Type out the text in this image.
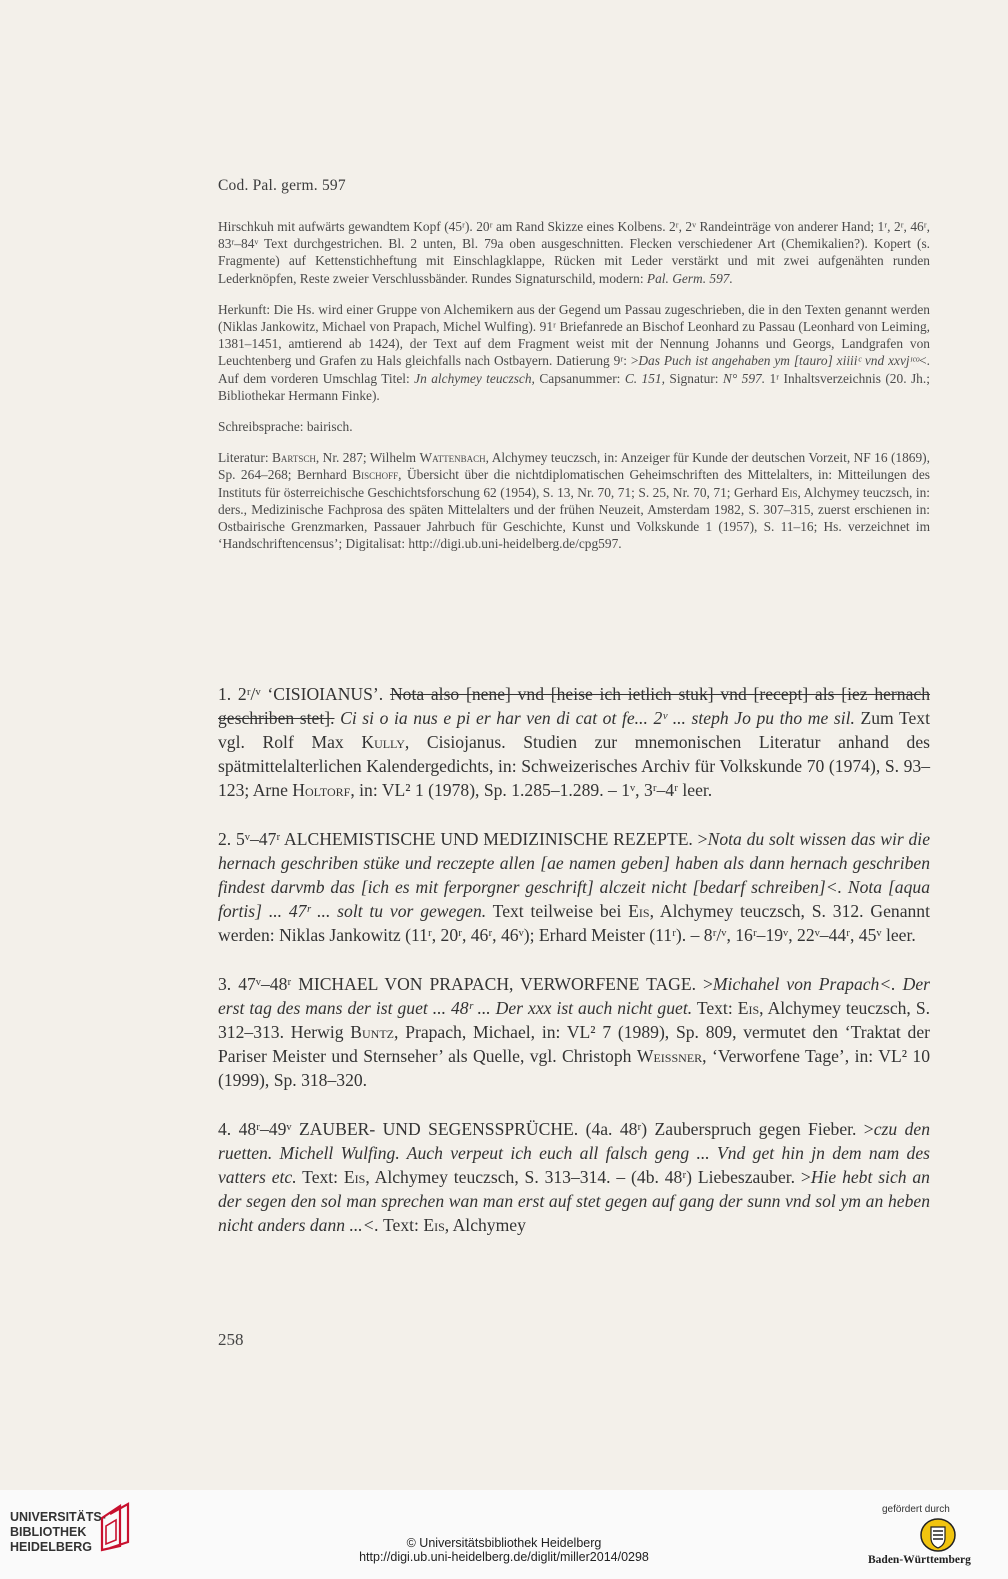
Cod. Pal. germ. 597

Hirschkuh mit aufwärts gewandtem Kopf (45ʳ). 20ʳ am Rand Skizze eines Kolbens. 2ʳ, 2ᵛ Randeinträge von anderer Hand; 1ʳ, 2ʳ, 46ʳ, 83ʳ–84ᵛ Text durchgestrichen. Bl. 2 unten, Bl. 79a oben ausgeschnitten. Flecken verschiedener Art (Chemikalien?). Kopert (s. Fragmente) auf Kettenstichheftung mit Einschlagklappe, Rücken mit Leder verstärkt und mit zwei aufgenähten runden Lederknöpfen, Reste zweier Verschlussbänder. Rundes Signaturschild, modern: Pal. Germ. 597.

Herkunft: Die Hs. wird einer Gruppe von Alchemikern aus der Gegend um Passau zugeschrieben, die in den Texten genannt werden (Niklas Jankowitz, Michael von Prapach, Michel Wulfing). 91ʳ Briefanrede an Bischof Leonhard zu Passau (Leonhard von Leiming, 1381–1451, amtierend ab 1424), der Text auf dem Fragment weist mit der Nennung Johanns und Georgs, Landgrafen von Leuchtenberg und Grafen zu Hals gleichfalls nach Ostbayern. Datierung 9ʳ: >Das Puch ist angehaben ym [tauro] xiiiiᶜ vnd xxvjᶦᶜᵒ<. Auf dem vorderen Umschlag Titel: Jn alchymey teuczsch, Capsanummer: C. 151, Signatur: N° 597. 1ʳ Inhaltsverzeichnis (20. Jh.; Bibliothekar Hermann Finke).

Schreibsprache: bairisch.

Literatur: Bartsch, Nr. 287; Wilhelm Wattenbach, Alchymey teuczsch, in: Anzeiger für Kunde der deutschen Vorzeit, NF 16 (1869), Sp. 264–268; Bernhard Bischoff, Übersicht über die nichtdiplomatischen Geheimschriften des Mittelalters, in: Mitteilungen des Instituts für österreichische Geschichtsforschung 62 (1954), S. 13, Nr. 70, 71; S. 25, Nr. 70, 71; Gerhard Eis, Alchymey teuczsch, in: ders., Medizinische Fachprosa des späten Mittelalters und der frühen Neuzeit, Amsterdam 1982, S. 307–315, zuerst erschienen in: Ostbairische Grenzmarken, Passauer Jahrbuch für Geschichte, Kunst und Volkskunde 1 (1957), S. 11–16; Hs. verzeichnet im ‘Handschriftencensus’; Digitalisat: http://digi.ub.uni-heidelberg.de/cpg597.

1. 2ʳ/ᵛ ‘CISIOIANUS’. Nota also [nene] vnd [heise ich ietlich stuk] vnd [recept] als [iez hernach geschriben stet]. Ci si o ia nus e pi er har ven di cat ot fe... 2ᵛ ... steph Jo pu tho me sil. Zum Text vgl. Rolf Max Kully, Cisiojanus. Studien zur mnemonischen Literatur anhand des spätmittelalterlichen Kalendergedichts, in: Schweizerisches Archiv für Volkskunde 70 (1974), S. 93–123; Arne Holtorf, in: VL² 1 (1978), Sp. 1.285–1.289. – 1ᵛ, 3ʳ–4ʳ leer.

2. 5ᵛ–47ʳ ALCHEMISTISCHE UND MEDIZINISCHE REZEPTE. >Nota du solt wissen das wir die hernach geschriben stüke und reczepte allen [ae namen geben] haben als dann hernach geschriben findest darvmb das [ich es mit ferporgner geschrift] alczeit nicht [bedarf schreiben]<. Nota [aqua fortis] ... 47ʳ ... solt tu vor gewegen. Text teilweise bei Eis, Alchymey teuczsch, S. 312. Genannt werden: Niklas Jankowitz (11ʳ, 20ʳ, 46ʳ, 46ᵛ); Erhard Meister (11ʳ). – 8ʳ/ᵛ, 16ʳ–19ᵛ, 22ᵛ–44ʳ, 45ᵛ leer.

3. 47ᵛ–48ʳ MICHAEL VON PRAPACH, VERWORFENE TAGE. >Michahel von Prapach<. Der erst tag des mans der ist guet ... 48ʳ ... Der xxx ist auch nicht guet. Text: Eis, Alchymey teuczsch, S. 312–313. Herwig Buntz, Prapach, Michael, in: VL² 7 (1989), Sp. 809, vermutet den ‘Traktat der Pariser Meister und Sternseher’ als Quelle, vgl. Christoph Weissner, ‘Verworfene Tage’, in: VL² 10 (1999), Sp. 318–320.

4. 48ʳ–49ᵛ ZAUBER- UND SEGENSSPRÜCHE. (4a. 48ʳ) Zauberspruch gegen Fieber. >czu den ruetten. Michell Wulfing. Auch verpeut ich euch all falsch geng ... Vnd get hin jn dem nam des vatters etc. Text: Eis, Alchymey teuczsch, S. 313–314. – (4b. 48ʳ) Liebeszauber. >Hie hebt sich an der segen den sol man sprechen wan man erst auf stet gegen auf gang der sunn vnd sol ym an heben nicht anders dann ...<. Text: Eis, Alchymey

258
UNIVERSITÄTS-
BIBLIOTHEK
HEIDELBERG	© Universitätsbibliothek Heidelberg
http://digi.ub.uni-heidelberg.de/diglit/miller2014/0298
gefördert durch
Baden-Württemberg
